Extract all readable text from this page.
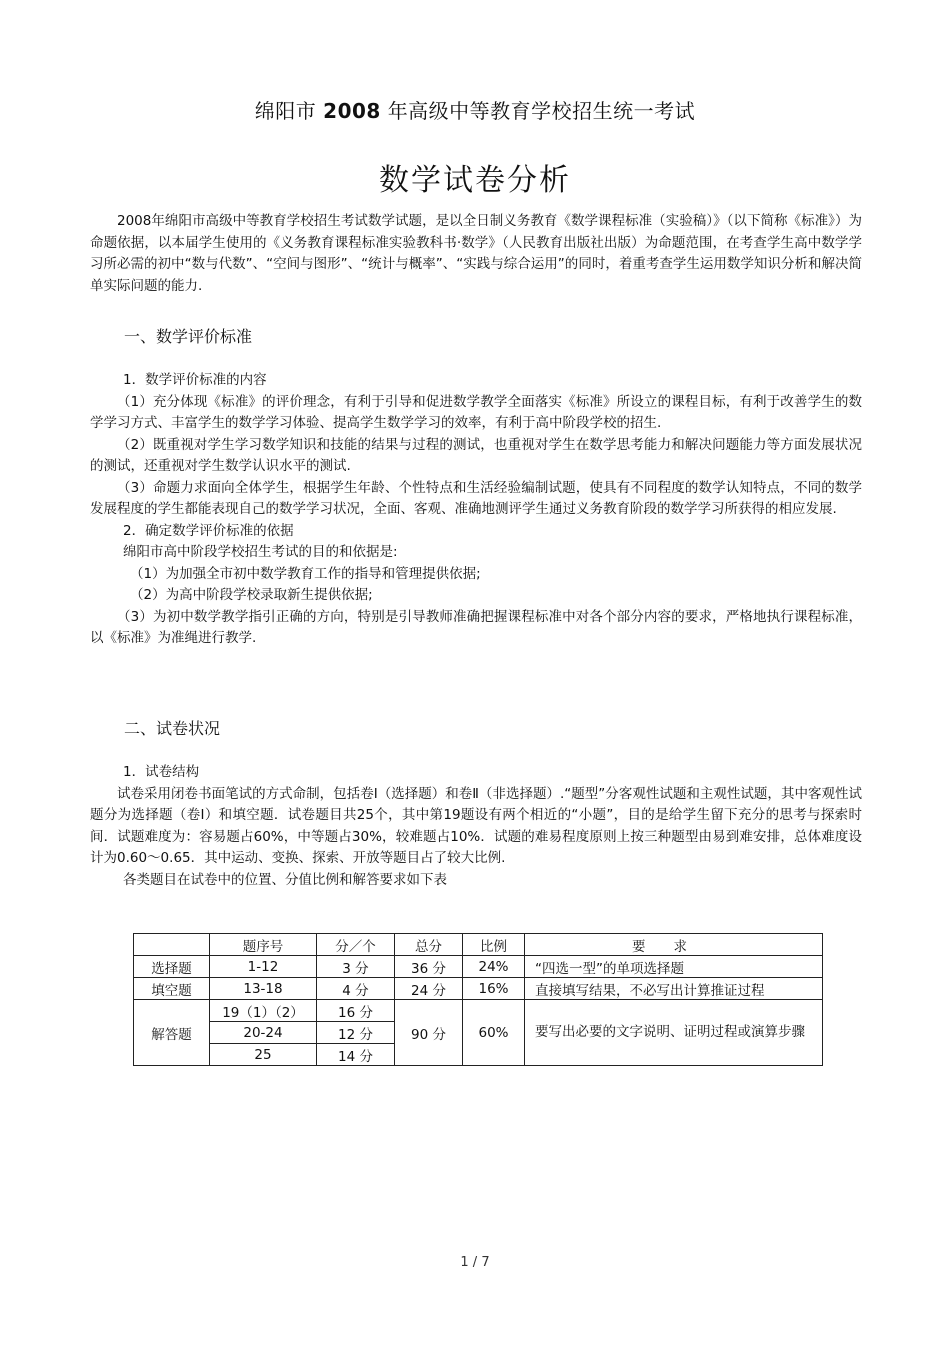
绵阳市 2008 年高级中等教育学校招生统一考试
数学试卷分析

2008年绵阳市高级中等教育学校招生考试数学试题，是以全日制义务教育《数学课程标准（实验稿）》（以下简称《标准》）为命题依据，以本届学生使用的《义务教育课程标准实验教科书·数学》（人民教育出版社出版）为命题范围，在考查学生高中数学学习所必需的初中“数与代数”、“空间与图形”、“统计与概率”、“实践与综合运用”的同时，着重考查学生运用数学知识分析和解决简单实际问题的能力.

一、数学评价标准

1．数学评价标准的内容

（1）充分体现《标准》的评价理念，有利于引导和促进数学教学全面落实《标准》所设立的课程目标，有利于改善学生的数学学习方式、丰富学生的数学学习体验、提高学生数学学习的效率，有利于高中阶段学校的招生.

（2）既重视对学生学习数学知识和技能的结果与过程的测试，也重视对学生在数学思考能力和解决问题能力等方面发展状况的测试，还重视对学生数学认识水平的测试.

（3）命题力求面向全体学生，根据学生年龄、个性特点和生活经验编制试题，使具有不同程度的数学认知特点，不同的数学发展程度的学生都能表现自己的数学学习状况，全面、客观、准确地测评学生通过义务教育阶段的数学学习所获得的相应发展.

2．确定数学评价标准的依据

绵阳市高中阶段学校招生考试的目的和依据是:

（1）为加强全市初中数学教育工作的指导和管理提供依据;

（2）为高中阶段学校录取新生提供依据;

（3）为初中数学教学指引正确的方向，特别是引导教师准确把握课程标准中对各个部分内容的要求，严格地执行课程标准，以《标准》为准绳进行教学.

二、试卷状况

1．试卷结构

试卷采用闭卷书面笔试的方式命制，包括卷Ⅰ（选择题）和卷Ⅱ（非选择题）.“题型”分客观性试题和主观性试题，其中客观性试题分为选择题（卷Ⅰ）和填空题．试卷题目共25个，其中第19题设有两个相近的“小题”，目的是给学生留下充分的思考与探索时间．试题难度为：容易题占60%，中等题占30%，较难题占10%．试题的难易程度原则上按三种题型由易到难安排，总体难度设计为0.60～0.65．其中运动、变换、探索、开放等题目占了较大比例.

各类题目在试卷中的位置、分值比例和解答要求如下表

	题序号	分／个	总分	比例	要求
选择题	1-12	3 分	36 分	24%	“四选一型”的单项选择题
填空题	13-18	4 分	24 分	16%	直接填写结果，不必写出计算推证过程
解答题	19（1）（2）	16 分	90 分	60%	要写出必要的文字说明、证明过程或演算步骤
	20-24	12 分			
	25	14 分			
1 / 7
